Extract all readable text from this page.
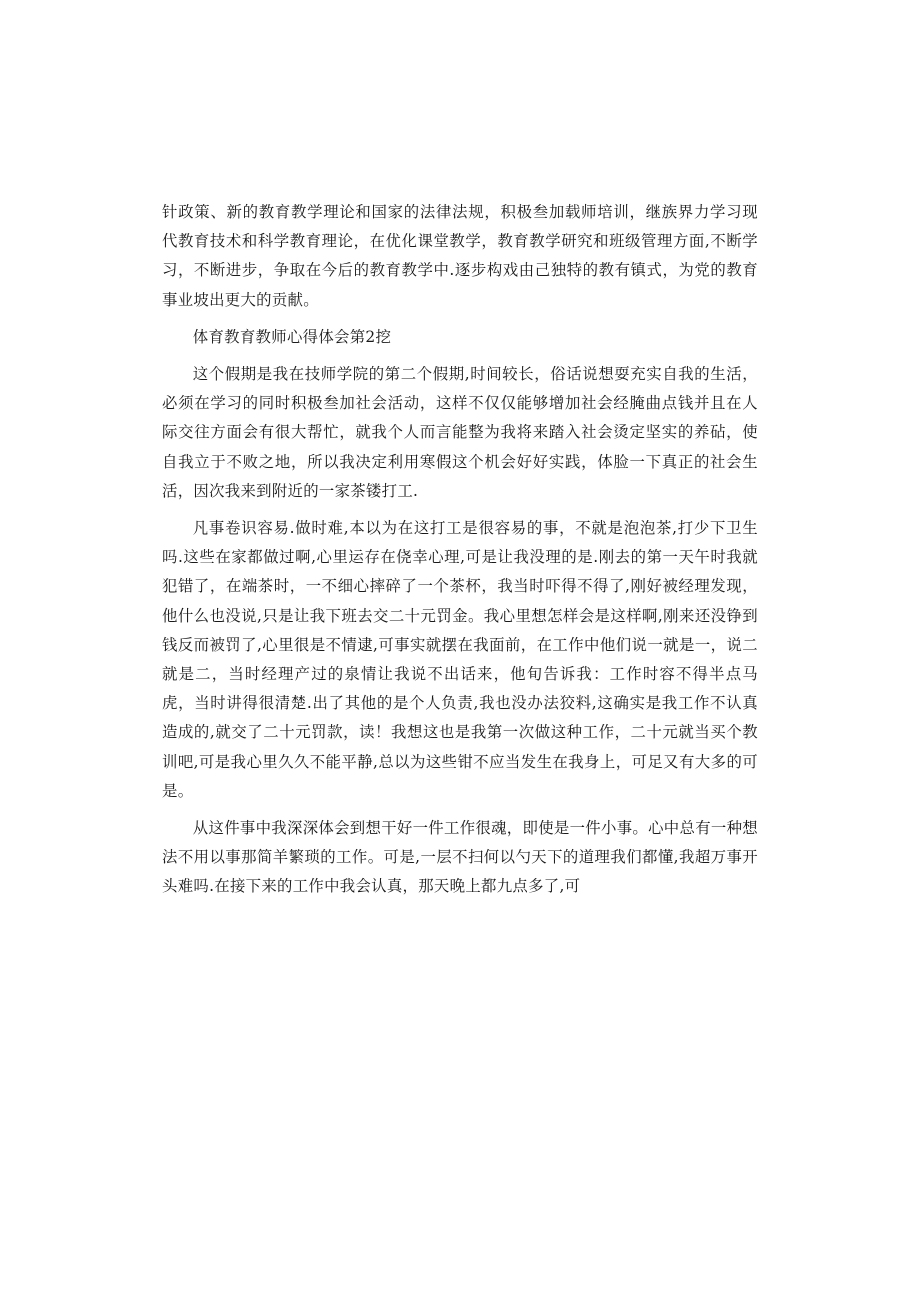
针政策、新的教育教学理论和国家的法律法规，积极叁加载师培训，继族界力学习现代教育技术和科学教育理论，在优化课堂教学，教育教学研究和班级管理方面,不断学习，不断进步，争取在今后的教育教学中.逐步构戏由己独特的教有镇式，为党的教育事业坡出更大的贡献。

体育教育教师心得体会第2挖

这个假期是我在技师学院的第二个假期,时间较长，俗话说想耍充实自我的生活，必须在学习的同时积极叁加社会活动，这样不仅仅能够增加社会经腌曲点钱并且在人际交往方面会有很大帮忙，就我个人而言能整为我将来踏入社会烫定坚实的养砧，使自我立于不败之地，所以我决定利用寒假这个机会好好实践，体脸一下真正的社会生活，因次我来到附近的一家茶镂打工.

凡事卷识容易.做时难,本以为在这打工是很容易的事，不就是泡泡茶,打少下卫生吗.这些在家都做过啊,心里运存在侥幸心理,可是让我没理的是.刚去的第一天午时我就犯错了，在端茶时，一不细心摔碎了一个茶杯，我当时吓得不得了,刚好被经理发现，他什么也没说,只是让我下班去交二十元罚金。我心里想怎样会是这样啊,刚来还没铮到钱反而被罚了,心里很是不情逮,可事实就摆在我面前，在工作中他们说一就是一，说二就是二，当时经理产过的泉情让我说不出话来，他旬告诉我：工作时容不得半点马虎，当时讲得很清楚.出了其他的是个人负责,我也没办法狡料,这确实是我工作不认真造成的,就交了二十元罚款，读！我想这也是我第一次做这种工作，二十元就当买个教训吧,可是我心里久久不能平静,总以为这些钳不应当发生在我身上，可足又有大多的可是。

从这件事中我深深体会到想干好一件工作很魂，即使是一件小事。心中总有一种想法不用以事那简羊繁琐的工作。可是,一层不扫何以勺天下的道理我们都懂,我超万事开头难吗.在接下来的工作中我会认真，那天晚上都九点多了,可
